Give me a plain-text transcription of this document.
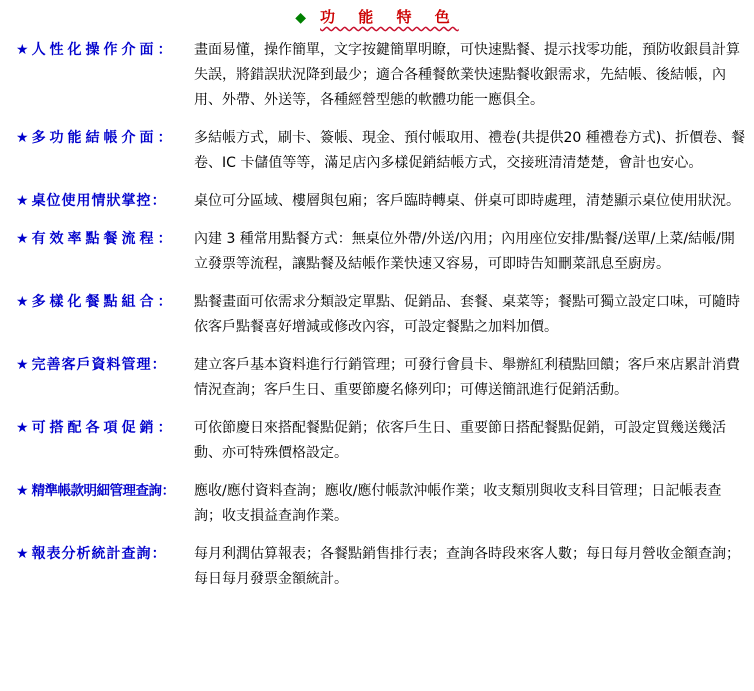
◆ 功 能 特 色
★ 人性化操作介面：	畫面易懂，操作簡單，文字按鍵簡單明瞭，可快速點餐、提示找零功能，預防收銀員計算失誤，將錯誤狀況降到最少；適合各種餐飲業快速點餐收銀需求，先結帳、後結帳，內用、外帶、外送等，各種經營型態的軟體功能一應俱全。
★ 多功能結帳介面：	多結帳方式，刷卡、簽帳、現金、預付帳取用、禮卷(共提供20 種禮卷方式)、折價卷、餐卷、IC 卡儲值等等，滿足店內多樣促銷結帳方式，交接班清清楚楚，會計也安心。
★ 桌位使用情狀掌控：	桌位可分區域、樓層與包廂；客戶臨時轉桌、併桌可即時處理，清楚顯示桌位使用狀況。
★ 有效率點餐流程：	內建 3 種常用點餐方式：無桌位外帶/外送/內用；內用座位安排/點餐/送單/上菜/結帳/開立發票等流程，讓點餐及結帳作業快速又容易，可即時告知刪菜訊息至廚房。
★ 多樣化餐點組合：	點餐畫面可依需求分類設定單點、促銷品、套餐、桌菜等；餐點可獨立設定口味，可隨時依客戶點餐喜好增減或修改內容，可設定餐點之加料加價。
★ 完善客戶資料管理：	建立客戶基本資料進行行銷管理；可發行會員卡、舉辦紅利積點回饋；客戶來店累計消費情況查詢；客戶生日、重要節慶名條列印；可傳送簡訊進行促銷活動。
★ 可搭配各項促銷：	可依節慶日來搭配餐點促銷；依客戶生日、重要節日搭配餐點促銷，可設定買幾送幾活動、亦可特殊價格設定。
★ 精準帳款明細管理查詢：	應收/應付資料查詢；應收/應付帳款沖帳作業；收支類別與收支科目管理；日記帳表查詢；收支損益查詢作業。
★ 報表分析統計查詢：	每月利潤估算報表；各餐點銷售排行表；查詢各時段來客人數；每日每月營收金額查詢；每日每月發票金額統計。
